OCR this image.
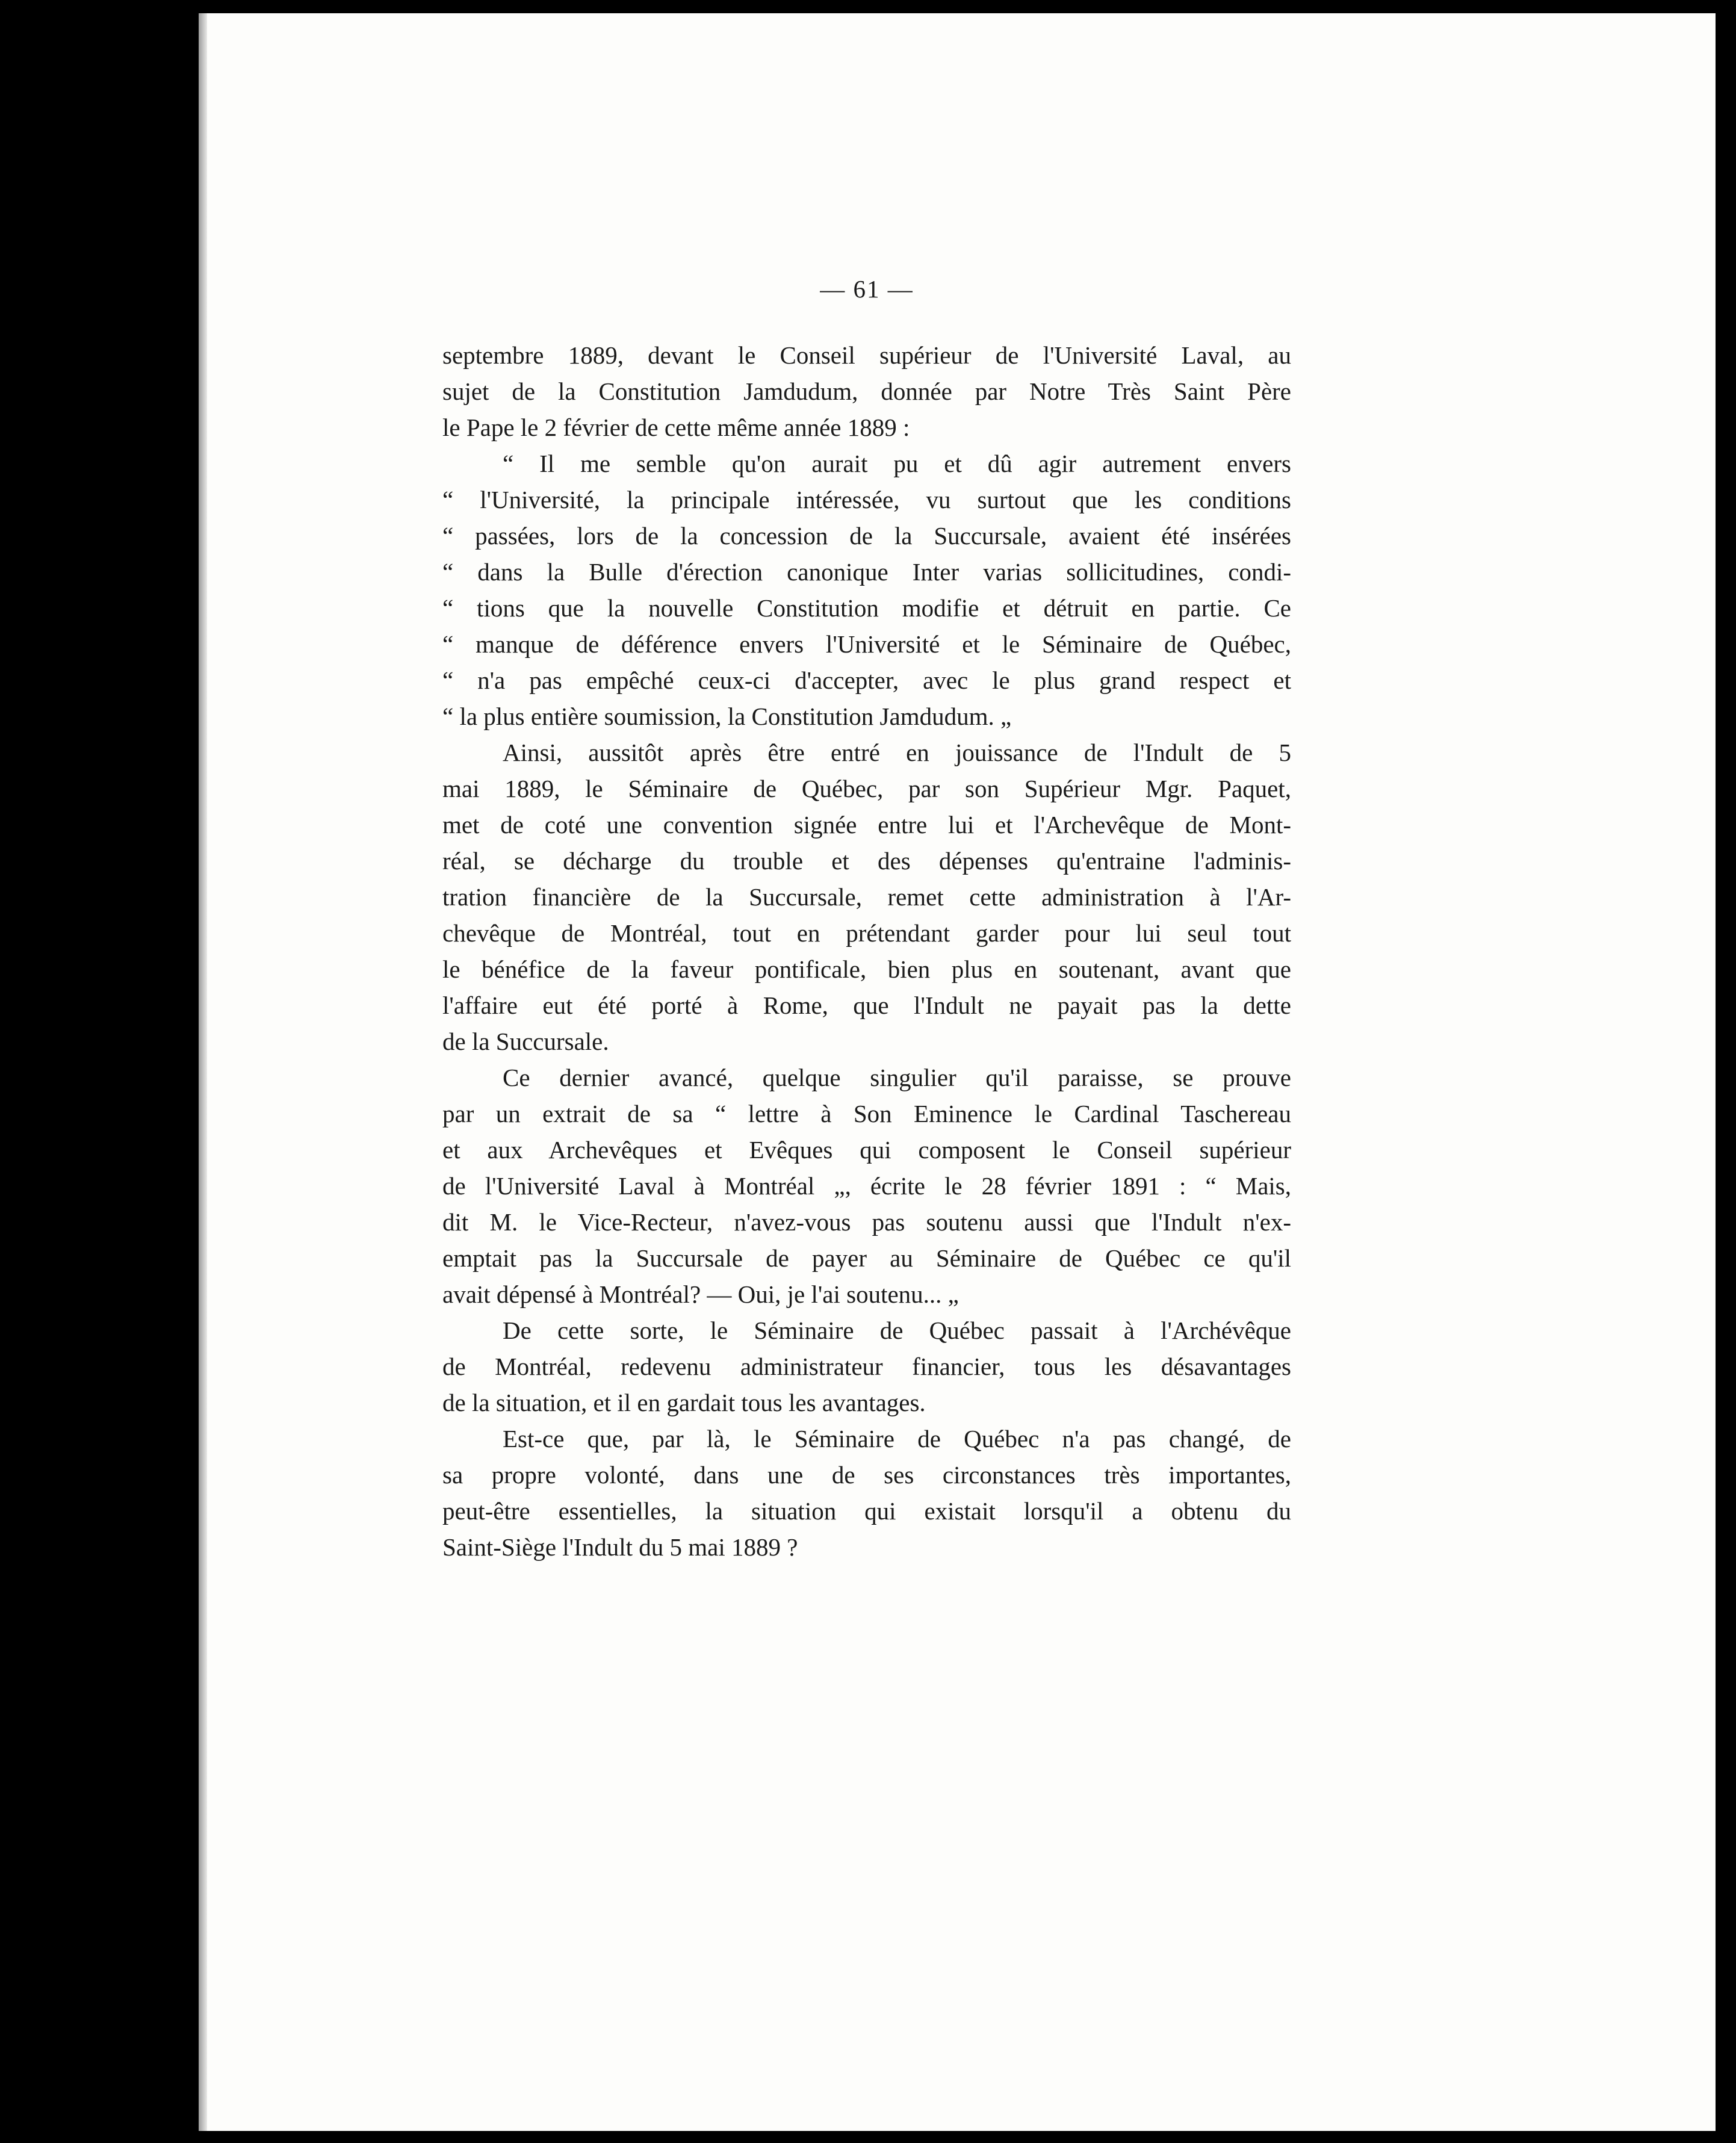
— 61 —
septembre 1889, devant le Conseil supérieur de l'Université Laval, au
sujet de la Constitution Jamdudum, donnée par Notre Très Saint Père
le Pape le 2 février de cette même année 1889 :
“ Il me semble qu'on aurait pu et dû agir autrement envers
“ l'Université, la principale intéressée, vu surtout que les conditions
“ passées, lors de la concession de la Succursale, avaient été insérées
“ dans la Bulle d'érection canonique Inter varias sollicitudines, condi-
“ tions que la nouvelle Constitution modifie et détruit en partie. Ce
“ manque de déférence envers l'Université et le Séminaire de Québec,
“ n'a pas empêché ceux-ci d'accepter, avec le plus grand respect et
“ la plus entière soumission, la Constitution Jamdudum. „
Ainsi, aussitôt après être entré en jouissance de l'Indult de 5
mai 1889, le Séminaire de Québec, par son Supérieur Mgr. Paquet,
met de coté une convention signée entre lui et l'Archevêque de Mont-
réal, se décharge du trouble et des dépenses qu'entraine l'adminis-
tration financière de la Succursale, remet cette administration à l'Ar-
chevêque de Montréal, tout en prétendant garder pour lui seul tout
le bénéfice de la faveur pontificale, bien plus en soutenant, avant que
l'affaire eut été porté à Rome, que l'Indult ne payait pas la dette
de la Succursale.
Ce dernier avancé, quelque singulier qu'il paraisse, se prouve
par un extrait de sa “ lettre à Son Eminence le Cardinal Taschereau
et aux Archevêques et Evêques qui composent le Conseil supérieur
de l'Université Laval à Montréal „, écrite le 28 février 1891 : “ Mais,
dit M. le Vice-Recteur, n'avez-vous pas soutenu aussi que l'Indult n'ex-
emptait pas la Succursale de payer au Séminaire de Québec ce qu'il
avait dépensé à Montréal? — Oui, je l'ai soutenu... „
De cette sorte, le Séminaire de Québec passait à l'Archévêque
de Montréal, redevenu administrateur financier, tous les désavantages
de la situation, et il en gardait tous les avantages.
Est-ce que, par là, le Séminaire de Québec n'a pas changé, de
sa propre volonté, dans une de ses circonstances très importantes,
peut-être essentielles, la situation qui existait lorsqu'il a obtenu du
Saint-Siège l'Indult du 5 mai 1889 ?
